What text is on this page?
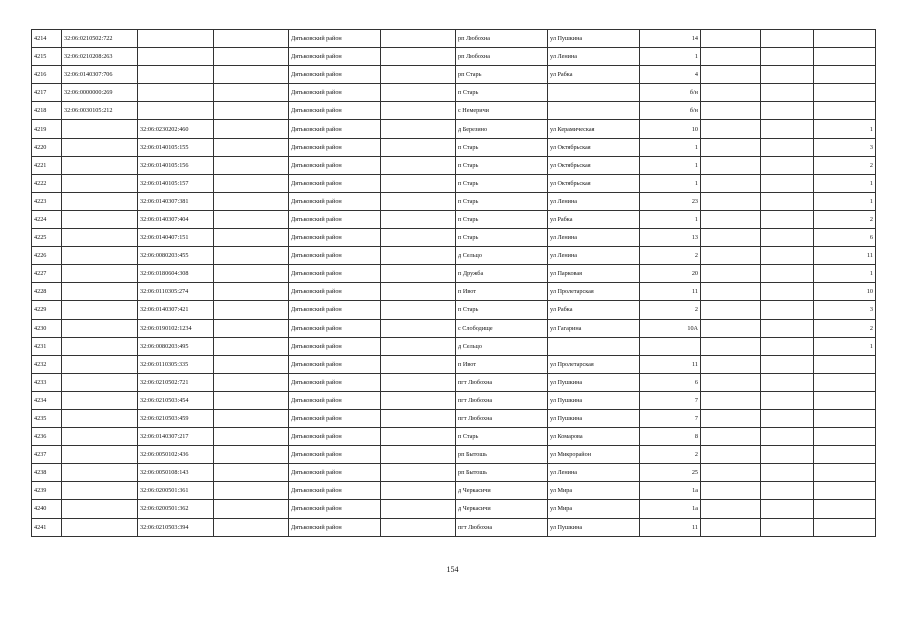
4214	32:06:0210502:722			Дятьковский район		рп Любохна	ул Пушкина	14			
4215	32:06:0210208:263			Дятьковский район		рп Любохна	ул Ленина	1			
4216	32:06:0140307:706			Дятьковский район		рп Старь	ул Рабка	4			
4217	32:06:0000000:269			Дятьковский район		п Старь		б/н			
4218	32:06:0030105:212			Дятьковский район		с Немеричи		б/н			
4219		32:06:0230202:460		Дятьковский район		д Березино	ул Керамическая	10			1
4220		32:06:0140105:155		Дятьковский район		п Старь	ул Октябрьская	1			3
4221		32:06:0140105:156		Дятьковский район		п Старь	ул Октябрьская	1			2
4222		32:06:0140105:157		Дятьковский район		п Старь	ул Октябрьская	1			1
4223		32:06:0140307:381		Дятьковский район		п Старь	ул Ленина	23			1
4224		32:06:0140307:404		Дятьковский район		п Старь	ул Рабка	1			2
4225		32:06:0140407:151		Дятьковский район		п Старь	ул Ленина	13			6
4226		32:06:0080203:455		Дятьковский район		д Сельцо	ул Ленина	2			11
4227		32:06:0180604:308		Дятьковский район		п Дружба	ул Парковая	20			1
4228		32:06:0110305:274		Дятьковский район		п Ивот	ул Пролетарская	11			10
4229		32:06:0140307:421		Дятьковский район		п Старь	ул Рабка	2			3
4230		32:06:0190102:1234		Дятьковский район		с Слободище	ул Гагарина	10А			2
4231		32:06:0080203:495		Дятьковский район		д Сельцо					1
4232		32:06:0110305:335		Дятьковский район		п Ивот	ул Пролетарская	11			
4233		32:06:0210502:721		Дятьковский район		пгт Любохна	ул Пушкина	6			
4234		32:06:0210503:454		Дятьковский район		пгт Любохна	ул Пушкина	7			
4235		32:06:0210503:459		Дятьковский район		пгт Любохна	ул Пушкина	7			
4236		32:06:0140307:217		Дятьковский район		п Старь	ул Комарова	8			
4237		32:06:0050102:436		Дятьковский район		рп Бытошь	ул Микрорайон	2			
4238		32:06:0050108:143		Дятьковский район		рп Бытошь	ул Ленина	25			
4239		32:06:0200501:361		Дятьковский район		д Черкасичи	ул Мира	1а			
4240		32:06:0200501:362		Дятьковский район		д Черкасичи	ул Мира	1а			
4241		32:06:0210503:394		Дятьковский район		пгт Любохна	ул Пушкина	11			
154
